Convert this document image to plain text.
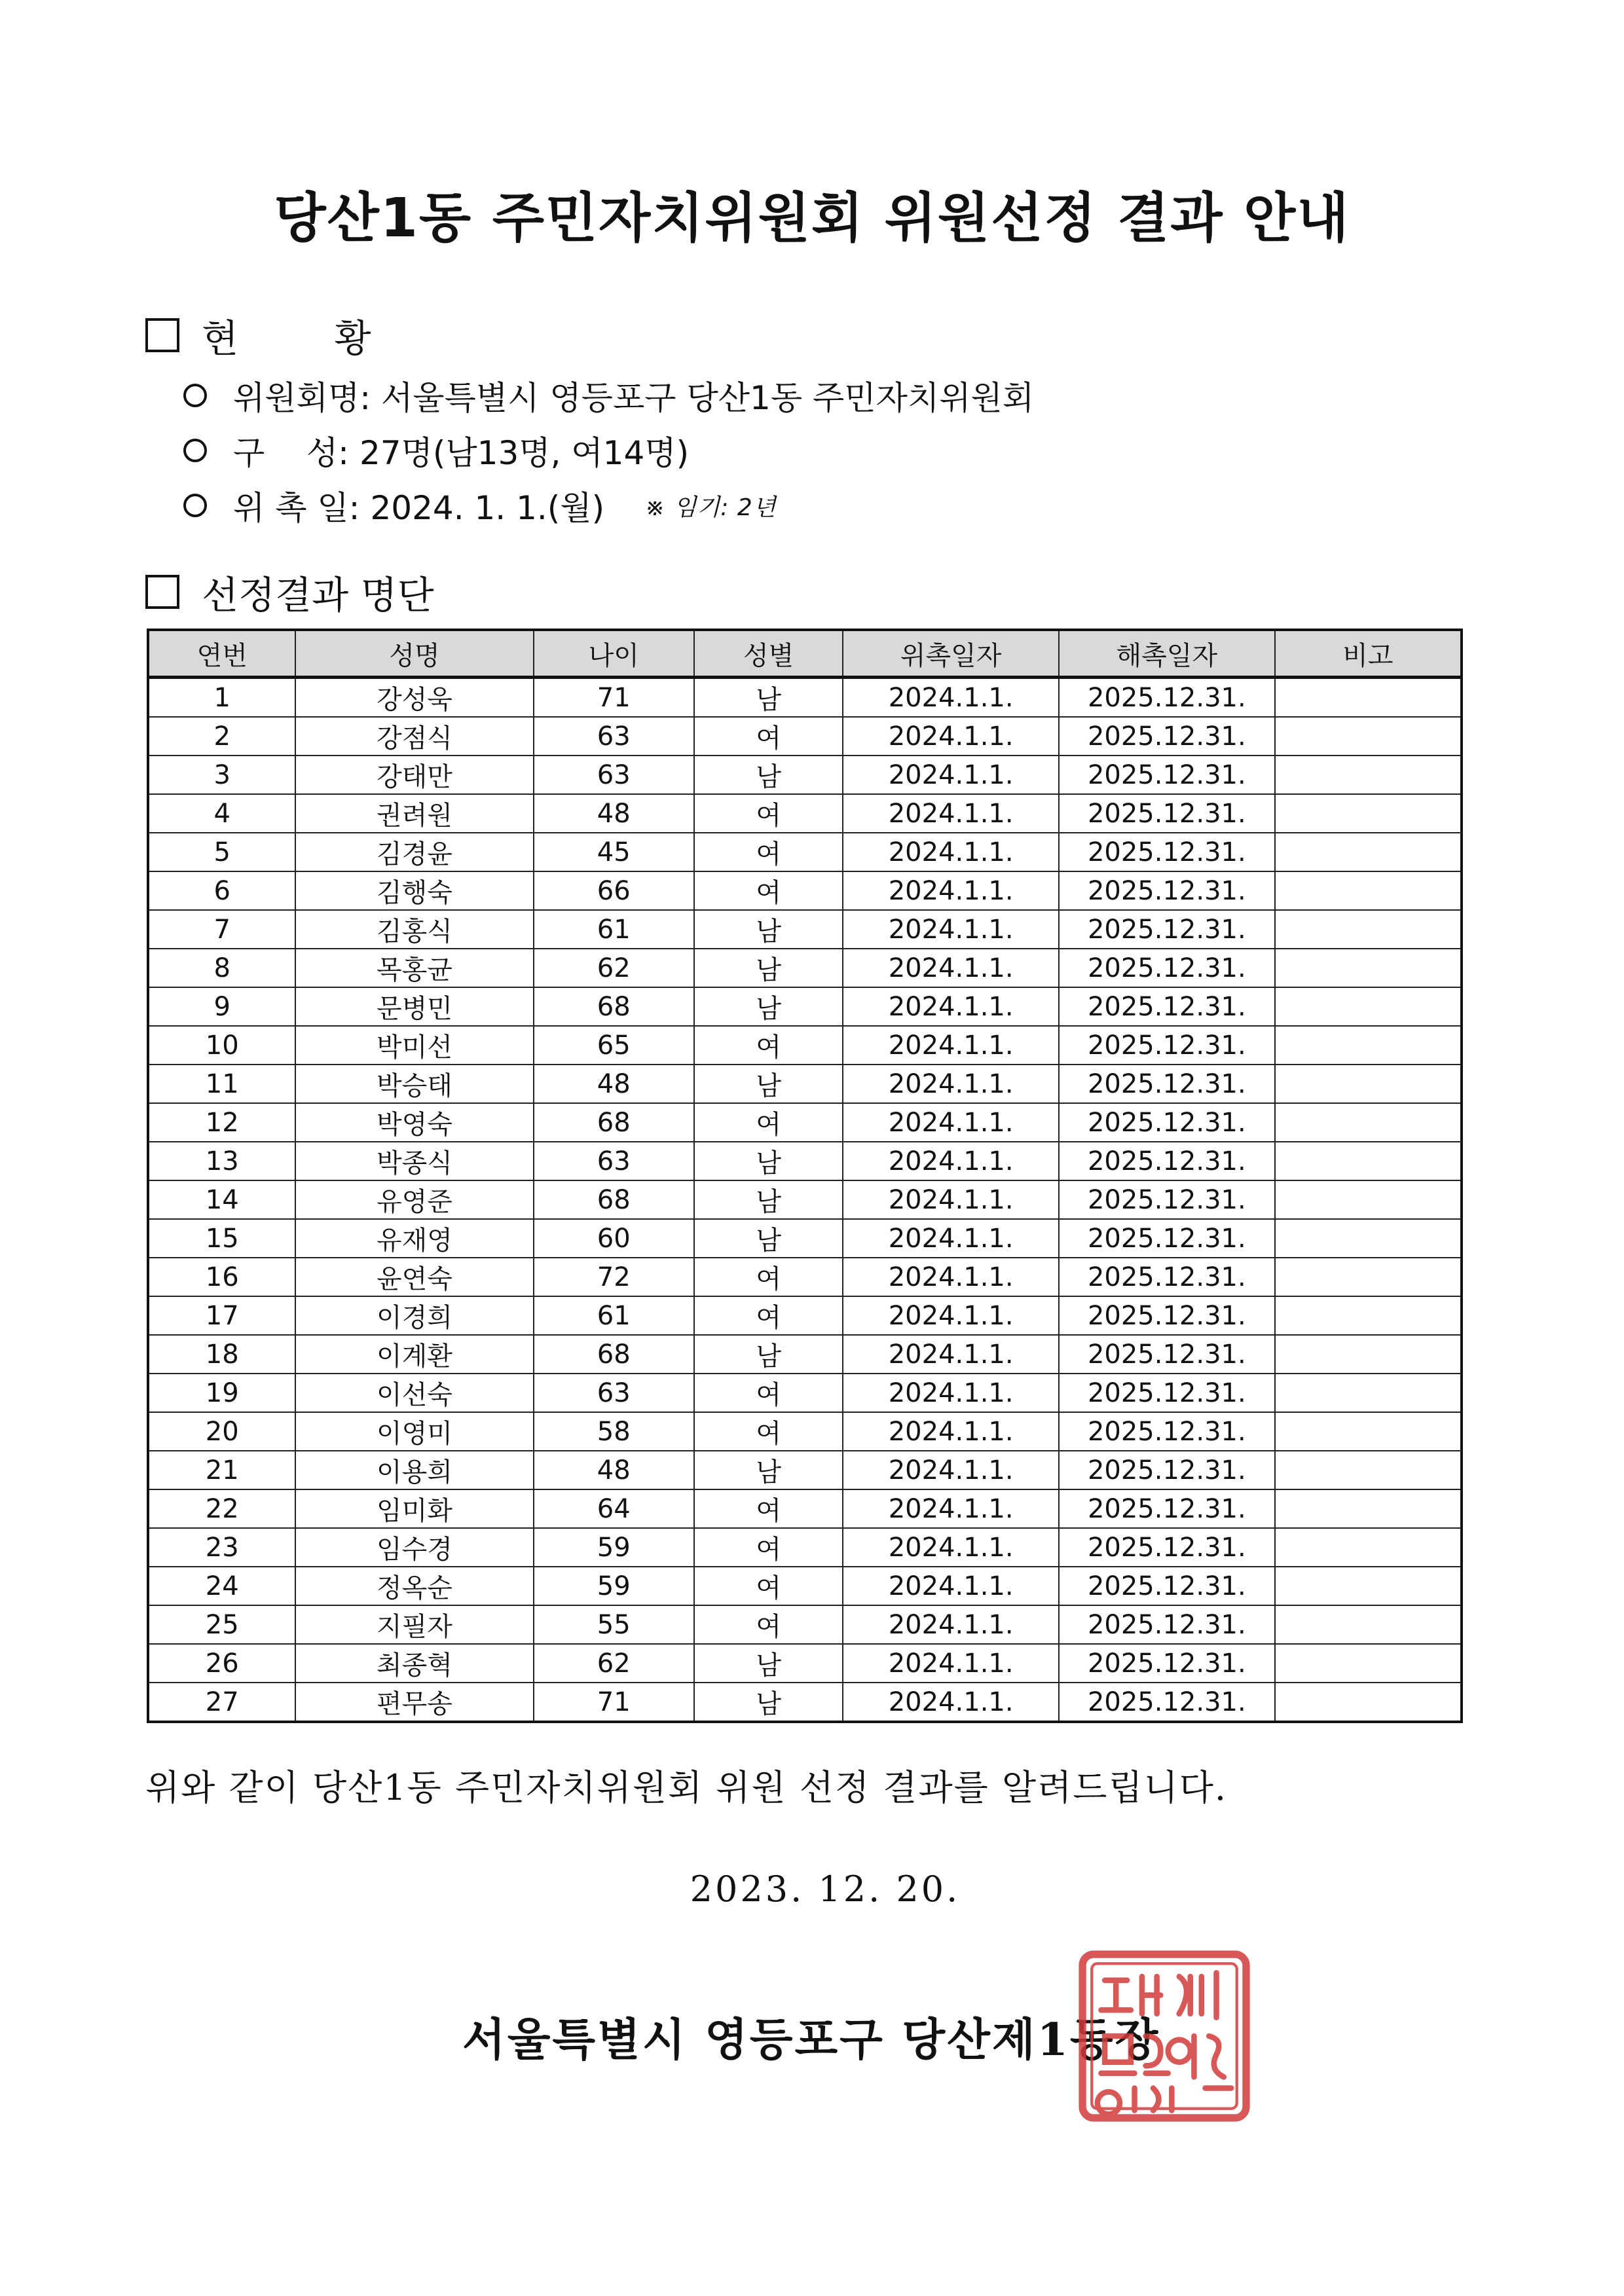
당산1동 주민자치위원회 위원선정 결과 안내
현 황
위원회명:
서울특별시 영등포구 당산1동 주민자치위원회
구    성:
27명(남13명, 여14명)
위 촉 일:
2024. 1. 1.(월) ※ 임기: 2년
선정결과 명단
연번	성명	나이	성별	위촉일자	해촉일자	비고
1	강성욱	71	남	2024.1.1.	2025.12.31.	
2	강점식	63	여	2024.1.1.	2025.12.31.	
3	강태만	63	남	2024.1.1.	2025.12.31.	
4	권려원	48	여	2024.1.1.	2025.12.31.	
5	김경윤	45	여	2024.1.1.	2025.12.31.	
6	김행숙	66	여	2024.1.1.	2025.12.31.	
7	김홍식	61	남	2024.1.1.	2025.12.31.	
8	목홍균	62	남	2024.1.1.	2025.12.31.	
9	문병민	68	남	2024.1.1.	2025.12.31.	
10	박미선	65	여	2024.1.1.	2025.12.31.	
11	박승태	48	남	2024.1.1.	2025.12.31.	
12	박영숙	68	여	2024.1.1.	2025.12.31.	
13	박종식	63	남	2024.1.1.	2025.12.31.	
14	유영준	68	남	2024.1.1.	2025.12.31.	
15	유재영	60	남	2024.1.1.	2025.12.31.	
16	윤연숙	72	여	2024.1.1.	2025.12.31.	
17	이경희	61	여	2024.1.1.	2025.12.31.	
18	이계환	68	남	2024.1.1.	2025.12.31.	
19	이선숙	63	여	2024.1.1.	2025.12.31.	
20	이영미	58	여	2024.1.1.	2025.12.31.	
21	이용희	48	남	2024.1.1.	2025.12.31.	
22	임미화	64	여	2024.1.1.	2025.12.31.	
23	임수경	59	여	2024.1.1.	2025.12.31.	
24	정옥순	59	여	2024.1.1.	2025.12.31.	
25	지필자	55	여	2024.1.1.	2025.12.31.	
26	최종혁	62	남	2024.1.1.	2025.12.31.	
27	편무송	71	남	2024.1.1.	2025.12.31.	
위와 같이 당산1동 주민자치위원회 위원 선정 결과를 알려드립니다.
2023. 12. 20.
서울특별시 영등포구 당산제1동장
